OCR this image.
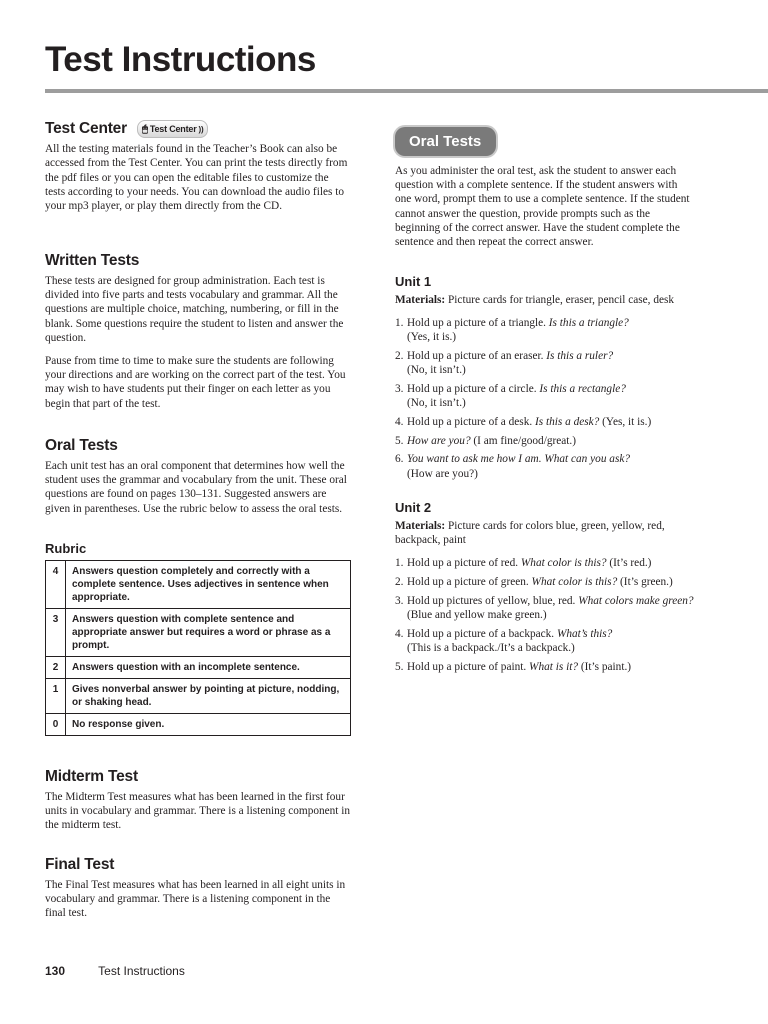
Test Instructions
Test Center 🖱 Test Center ))

All the testing materials found in the Teacher’s Book can also be accessed from the Test Center. You can print the tests directly from the pdf files or you can open the editable files to customize the tests according to your needs. You can download the audio files to your mp3 player, or play them directly from the CD.

Written Tests

These tests are designed for group administration. Each test is divided into five parts and tests vocabulary and grammar. All the questions are multiple choice, matching, numbering, or fill in the blank. Some questions require the student to listen and answer the question.

Pause from time to time to make sure the students are following your directions and are working on the correct part of the test. You may wish to have students put their finger on each letter as you begin that part of the test.

Oral Tests

Each unit test has an oral component that determines how well the student uses the grammar and vocabulary from the unit. These oral questions are found on pages 130–131. Suggested answers are given in parentheses. Use the rubric below to assess the oral tests.

Rubric
4	Answers question completely and correctly with a complete sentence. Uses adjectives in sentence when appropriate.
3	Answers question with complete sentence and appropriate answer but requires a word or phrase as a prompt.
2	Answers question with an incomplete sentence.
1	Gives nonverbal answer by pointing at picture, nodding, or shaking head.
0	No response given.
Midterm Test

The Midterm Test measures what has been learned in the first four units in vocabulary and grammar. There is a listening component in the midterm test.

Final Test

The Final Test measures what has been learned in all eight units in vocabulary and grammar. There is a listening component in the final test.

Oral Tests

As you administer the oral test, ask the student to answer each question with a complete sentence. If the student answers with one word, prompt them to use a complete sentence. If the student cannot answer the question, provide prompts such as the beginning of the correct answer. Have the student complete the sentence and then repeat the correct answer.

Unit 1

Materials: Picture cards for triangle, eraser, pencil case, desk

1. Hold up a picture of a triangle. Is this a triangle?
(Yes, it is.)
2. Hold up a picture of an eraser. Is this a ruler?
(No, it isn’t.)
3. Hold up a picture of a circle. Is this a rectangle?
(No, it isn’t.)
4. Hold up a picture of a desk. Is this a desk? (Yes, it is.)
5. How are you? (I am fine/good/great.)
6. You want to ask me how I am. What can you ask?
(How are you?)
Unit 2

Materials: Picture cards for colors blue, green, yellow, red, backpack, paint

1. Hold up a picture of red. What color is this? (It’s red.)
2. Hold up a picture of green. What color is this? (It’s green.)
3. Hold up pictures of yellow, blue, red. What colors make green? (Blue and yellow make green.)
4. Hold up a picture of a backpack. What’s this?
(This is a backpack./It’s a backpack.)
5. Hold up a picture of paint. What is it? (It’s paint.)
130	Test Instructions
